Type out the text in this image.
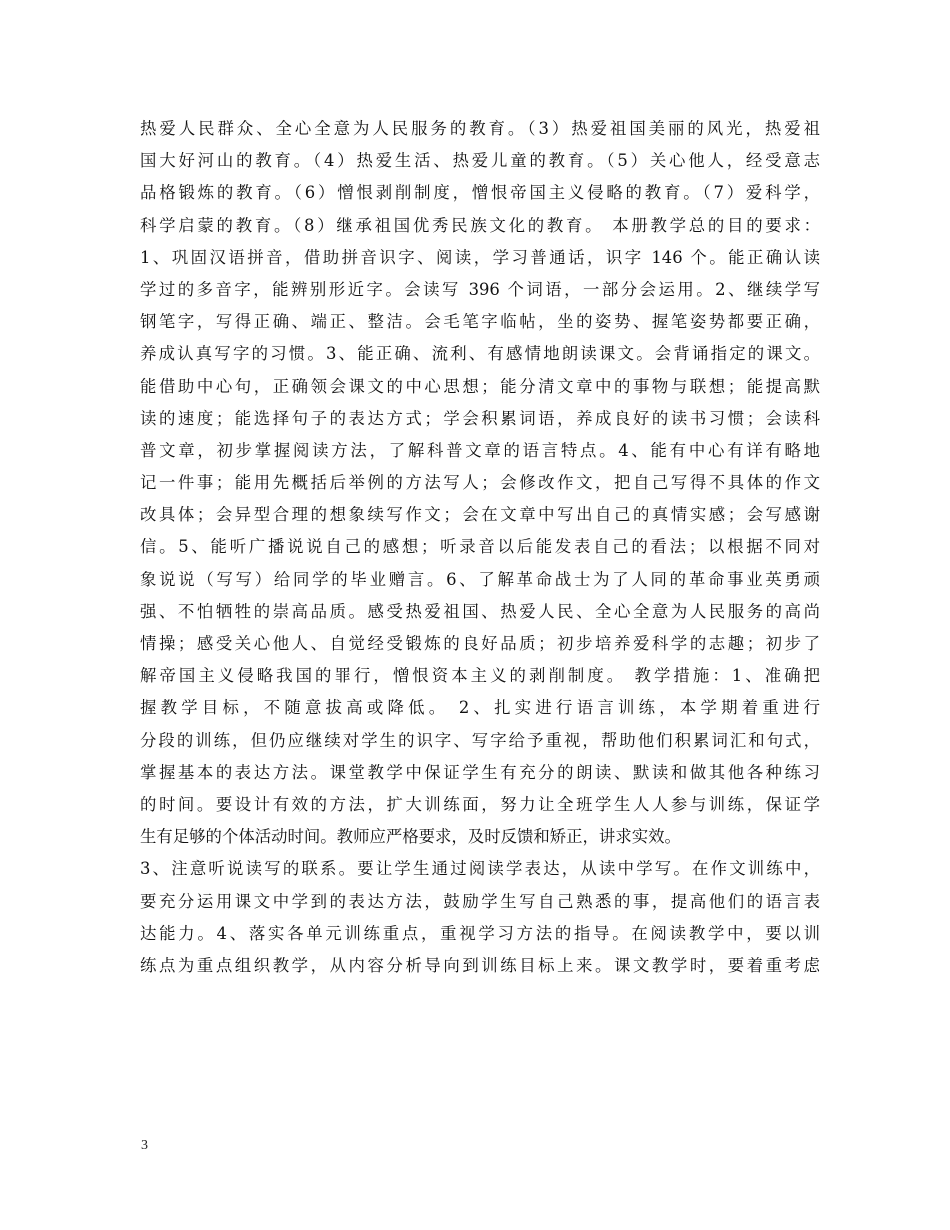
热爱人民群众、全心全意为人民服务的教育。（3）热爱祖国美丽的风光，热爱祖
国大好河山的教育。（4）热爱生活、热爱儿童的教育。（5）关心他人，经受意志
品格锻炼的教育。（6）憎恨剥削制度，憎恨帝国主义侵略的教育。（7）爱科学，
科学启蒙的教育。（8）继承祖国优秀民族文化的教育。 本册教学总的目的要求：
1、巩固汉语拼音，借助拼音识字、阅读，学习普通话，识字 146 个。能正确认读
学过的多音字，能辨别形近字。会读写 396 个词语，一部分会运用。2、继续学写
钢笔字，写得正确、端正、整洁。会毛笔字临帖，坐的姿势、握笔姿势都要正确，
养成认真写字的习惯。3、能正确、流利、有感情地朗读课文。会背诵指定的课文。
能借助中心句，正确领会课文的中心思想；能分清文章中的事物与联想；能提高默
读的速度；能选择句子的表达方式；学会积累词语，养成良好的读书习惯；会读科
普文章，初步掌握阅读方法，了解科普文章的语言特点。4、能有中心有详有略地
记一件事；能用先概括后举例的方法写人；会修改作文，把自己写得不具体的作文
改具体；会异型合理的想象续写作文；会在文章中写出自己的真情实感；会写感谢
信。5、能听广播说说自己的感想；听录音以后能发表自己的看法；以根据不同对
象说说（写写）给同学的毕业赠言。6、了解革命战士为了人同的革命事业英勇顽
强、不怕牺牲的崇高品质。感受热爱祖国、热爱人民、全心全意为人民服务的高尚
情操；感受关心他人、自觉经受锻炼的良好品质；初步培养爱科学的志趣；初步了
解帝国主义侵略我国的罪行，憎恨资本主义的剥削制度。 教学措施：1、准确把
握教学目标，不随意拔高或降低。 2、扎实进行语言训练，本学期着重进行
分段的训练，但仍应继续对学生的识字、写字给予重视，帮助他们积累词汇和句式，
掌握基本的表达方法。课堂教学中保证学生有充分的朗读、默读和做其他各种练习
的时间。要设计有效的方法，扩大训练面，努力让全班学生人人参与训练，保证学
生有足够的个体活动时间。教师应严格要求，及时反馈和矫正，讲求实效。
3、注意听说读写的联系。要让学生通过阅读学表达，从读中学写。在作文训练中，
要充分运用课文中学到的表达方法，鼓励学生写自己熟悉的事，提高他们的语言表
达能力。4、落实各单元训练重点，重视学习方法的指导。在阅读教学中，要以训
练点为重点组织教学，从内容分析导向到训练目标上来。课文教学时，要着重考虑
3
